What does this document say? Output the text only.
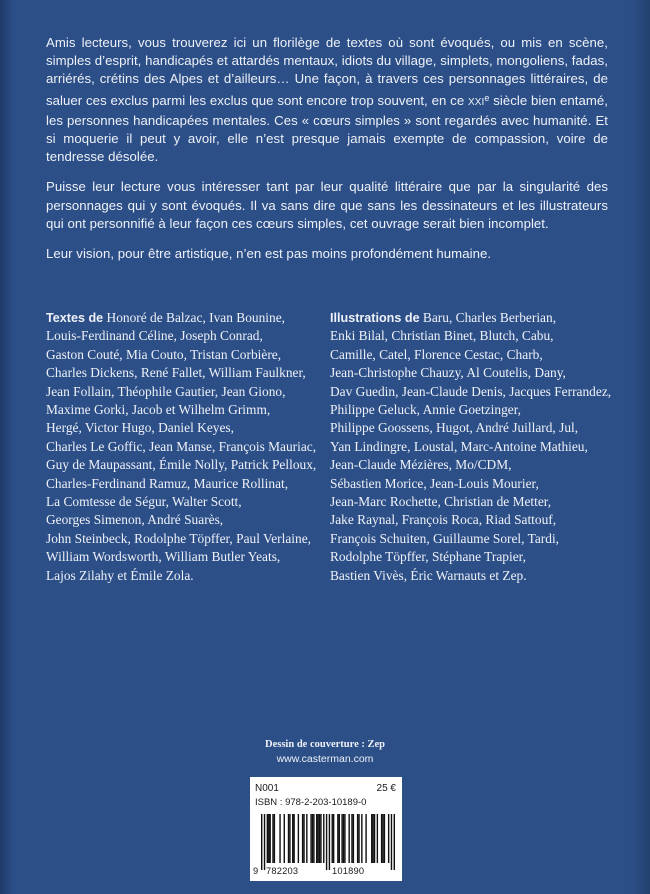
Amis lecteurs, vous trouverez ici un florilège de textes où sont évoqués, ou mis en scène, simples d’esprit, handicapés et attardés mentaux, idiots du village, simplets, mongoliens, fadas, arriérés, crétins des Alpes et d’ailleurs… Une façon, à travers ces personnages littéraires, de saluer ces exclus parmi les exclus que sont encore trop souvent, en ce XXIe siècle bien entamé, les personnes handicapées mentales. Ces « cœurs simples » sont regardés avec humanité. Et si moquerie il peut y avoir, elle n’est presque jamais exempte de compassion, voire de tendresse désolée.

Puisse leur lecture vous intéresser tant par leur qualité littéraire que par la singularité des personnages qui y sont évoqués. Il va sans dire que sans les dessinateurs et les illustrateurs qui ont personnifié à leur façon ces cœurs simples, cet ouvrage serait bien incomplet.

Leur vision, pour être artistique, n’en est pas moins profondément humaine.

Textes de Honoré de Balzac, Ivan Bounine,
Louis-Ferdinand Céline, Joseph Conrad,
Gaston Couté, Mia Couto, Tristan Corbière,
Charles Dickens, René Fallet, William Faulkner,
Jean Follain, Théophile Gautier, Jean Giono,
Maxime Gorki, Jacob et Wilhelm Grimm,
Hergé, Victor Hugo, Daniel Keyes,
Charles Le Goffic, Jean Manse, François Mauriac,
Guy de Maupassant, Émile Nolly, Patrick Pelloux,
Charles-Ferdinand Ramuz, Maurice Rollinat,
La Comtesse de Ségur, Walter Scott,
Georges Simenon, André Suarès,
John Steinbeck, Rodolphe Töpffer, Paul Verlaine,
William Wordsworth, William Butler Yeats,
Lajos Zilahy et Émile Zola.
Illustrations de Baru, Charles Berberian,
Enki Bilal, Christian Binet, Blutch, Cabu,
Camille, Catel, Florence Cestac, Charb,
Jean-Christophe Chauzy, Al Coutelis, Dany,
Dav Guedin, Jean-Claude Denis, Jacques Ferrandez,
Philippe Geluck, Annie Goetzinger,
Philippe Goossens, Hugot, André Juillard, Jul,
Yan Lindingre, Loustal, Marc-Antoine Mathieu,
Jean-Claude Mézières, Mo/CDM,
Sébastien Morice, Jean-Louis Mourier,
Jean-Marc Rochette, Christian de Metter,
Jake Raynal, François Roca, Riad Sattouf,
François Schuiten, Guillaume Sorel, Tardi,
Rodolphe Töpffer, Stéphane Trapier,
Bastien Vivès, Éric Warnauts et Zep.
Dessin de couverture : Zep
www.casterman.com
N001	25 €
ISBN : 978-2-203-10189-0
9 782203	101890
